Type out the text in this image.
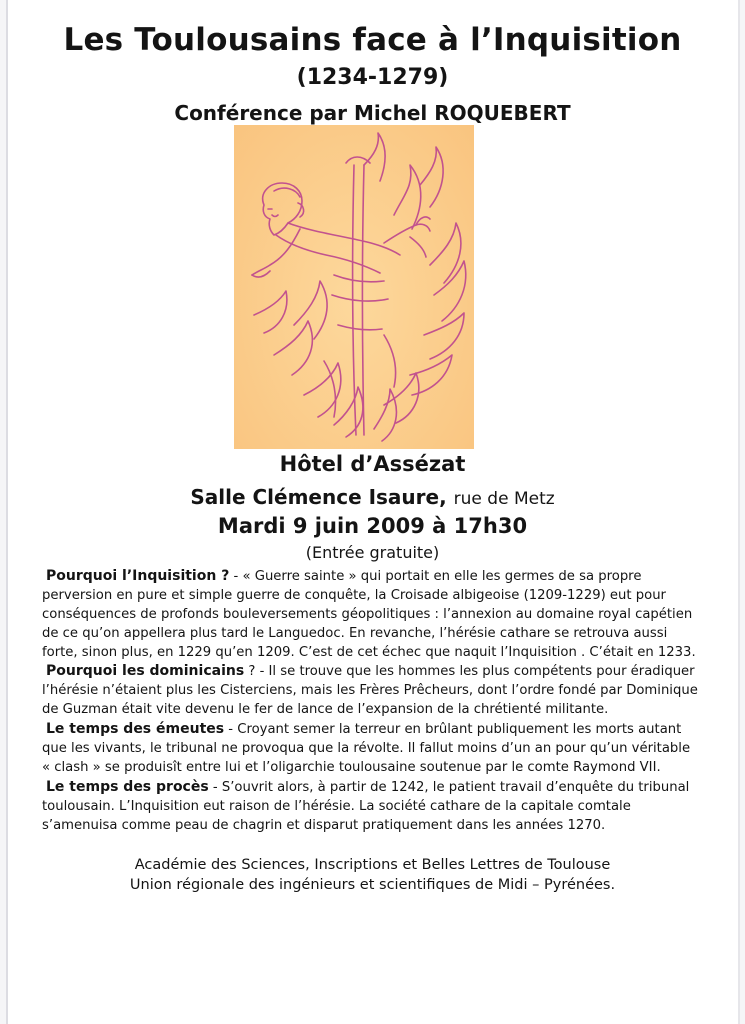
Les Toulousains face à l’Inquisition
(1234-1279)
Conférence par Michel ROQUEBERT
Hôtel d’Assézat
Salle Clémence Isaure, rue de Metz
Mardi 9 juin 2009 à 17h30
(Entrée gratuite)

Pourquoi l’Inquisition ? - « Guerre sainte » qui portait en elle les germes de sa propre perversion en pure et simple guerre de conquête, la Croisade albigeoise (1209-1229) eut pour conséquences de profonds bouleversements géopolitiques : l’annexion au domaine royal capétien de ce qu’on appellera plus tard le Languedoc. En revanche, l’hérésie cathare se retrouva aussi forte, sinon plus, en 1229 qu’en 1209. C’est de cet échec que naquit l’Inquisition . C’était en 1233.

Pourquoi les dominicains ? - Il se trouve que les hommes les plus compétents pour éradiquer l’hérésie n’étaient plus les Cisterciens, mais les Frères Prêcheurs, dont l’ordre fondé par Dominique de Guzman était vite devenu le fer de lance de l’expansion de la chrétienté militante.

Le temps des émeutes - Croyant semer la terreur en brûlant publiquement les morts autant que les vivants, le tribunal ne provoqua que la révolte. Il fallut moins d’un an pour qu’un véritable « clash » se produisît entre lui et l’oligarchie toulousaine soutenue par le comte Raymond VII.

Le temps des procès - S’ouvrit alors, à partir de 1242, le patient travail d’enquête du tribunal toulousain. L’Inquisition eut raison de l’hérésie. La société cathare de la capitale comtale s’amenuisa comme peau de chagrin et disparut pratiquement dans les années 1270.

Académie des Sciences, Inscriptions et Belles Lettres de Toulouse
Union régionale des ingénieurs et scientifiques de Midi – Pyrénées.
